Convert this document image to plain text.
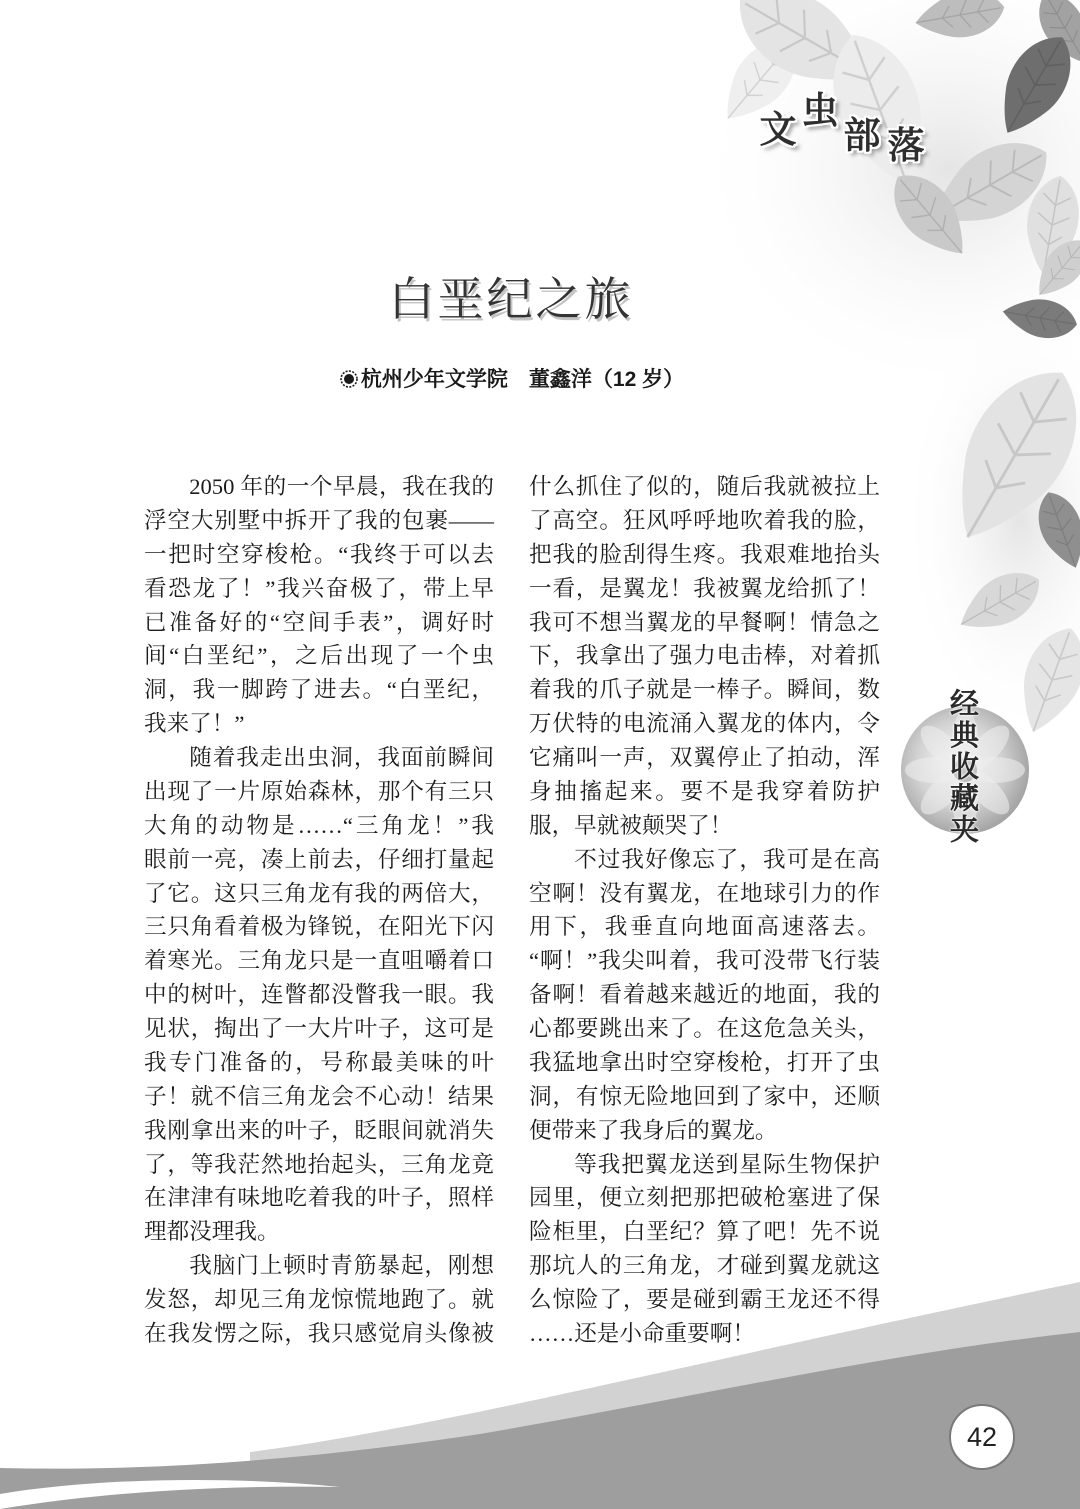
文 虫
部 落
白垩纪之旅
杭州少年文学院 董鑫洋（12 岁）
2050 年的一个早晨，我在我的
浮空大别墅中拆开了我的包裹——
一把时空穿梭枪。“我终于可以去
看恐龙了！”我兴奋极了，带上早
已准备好的“空间手表”，调好时
间“白垩纪”，之后出现了一个虫
洞，我一脚跨了进去。“白垩纪，
我来了！”
随着我走出虫洞，我面前瞬间
出现了一片原始森林，那个有三只
大角的动物是……“三角龙！”我
眼前一亮，凑上前去，仔细打量起
了它。这只三角龙有我的两倍大，
三只角看着极为锋锐，在阳光下闪
着寒光。三角龙只是一直咀嚼着口
中的树叶，连瞥都没瞥我一眼。我
见状，掏出了一大片叶子，这可是
我专门准备的，号称最美味的叶
子！就不信三角龙会不心动！结果
我刚拿出来的叶子，眨眼间就消失
了，等我茫然地抬起头，三角龙竟
在津津有味地吃着我的叶子，照样
理都没理我。
我脑门上顿时青筋暴起，刚想
发怒，却见三角龙惊慌地跑了。就
在我发愣之际，我只感觉肩头像被
什么抓住了似的，随后我就被拉上
了高空。狂风呼呼地吹着我的脸，
把我的脸刮得生疼。我艰难地抬头
一看，是翼龙！我被翼龙给抓了！
我可不想当翼龙的早餐啊！情急之
下，我拿出了强力电击棒，对着抓
着我的爪子就是一棒子。瞬间，数
万伏特的电流涌入翼龙的体内，令
它痛叫一声，双翼停止了拍动，浑
身抽搐起来。要不是我穿着防护
服，早就被颠哭了！
不过我好像忘了，我可是在高
空啊！没有翼龙，在地球引力的作
用下，我垂直向地面高速落去。
“啊！”我尖叫着，我可没带飞行装
备啊！看着越来越近的地面，我的
心都要跳出来了。在这危急关头，
我猛地拿出时空穿梭枪，打开了虫
洞，有惊无险地回到了家中，还顺
便带来了我身后的翼龙。
等我把翼龙送到星际生物保护
园里，便立刻把那把破枪塞进了保
险柜里，白垩纪？算了吧！先不说
那坑人的三角龙，才碰到翼龙就这
么惊险了，要是碰到霸王龙还不得
……还是小命重要啊！
经典收藏夹
42
